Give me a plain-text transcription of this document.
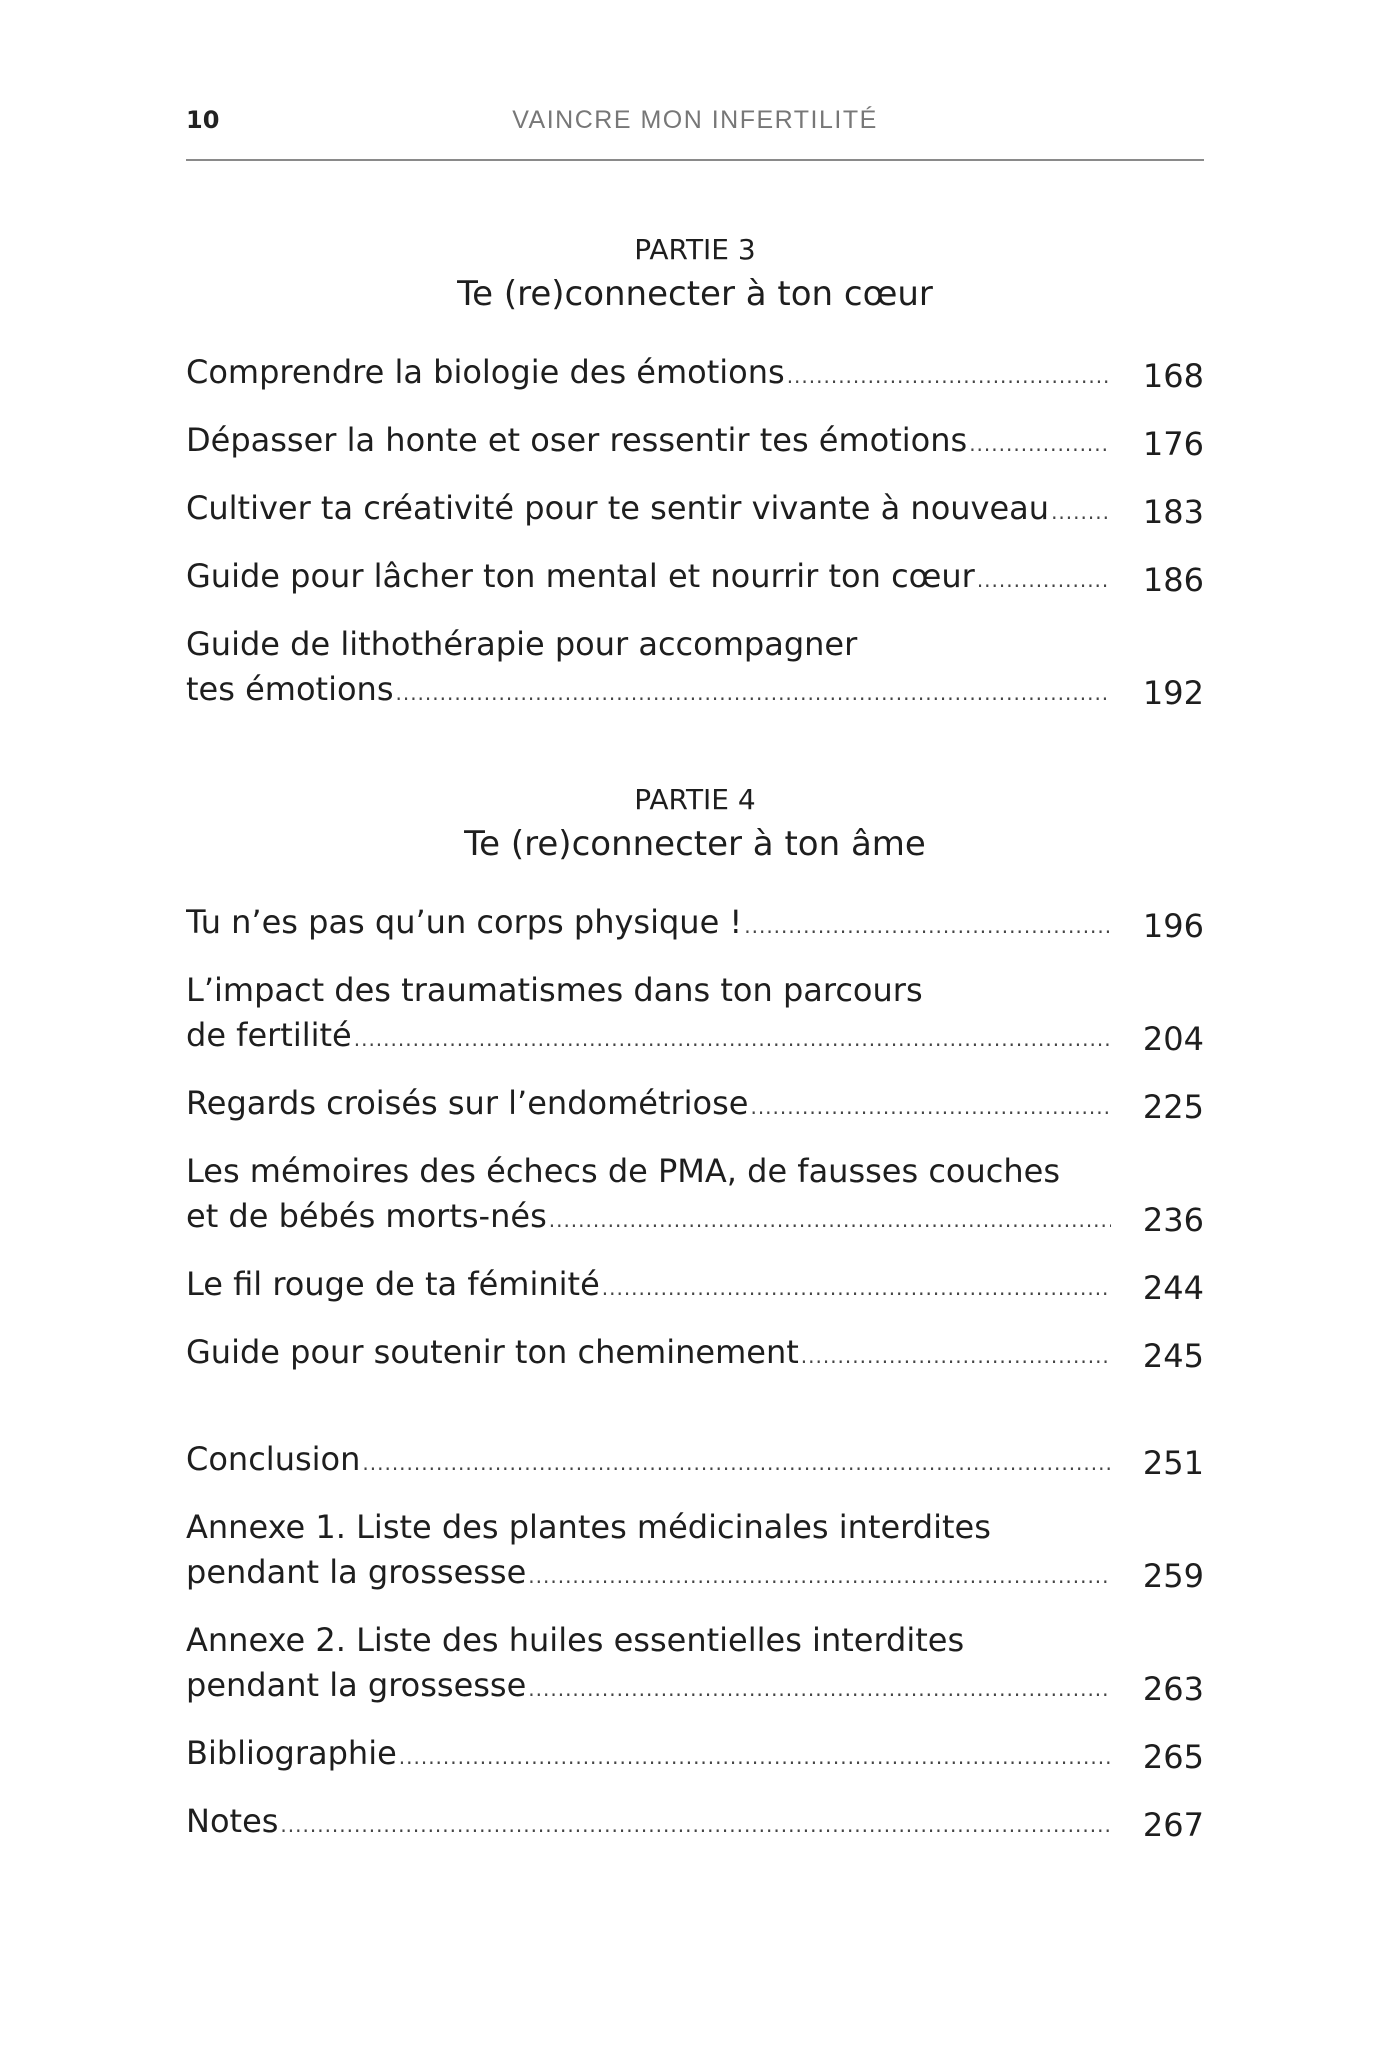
10	VAINCRE MON INFERTILITÉ

PARTIE 3

Te (re)connecter à ton cœur

Comprendre la biologie des émotions .....	168
Dépasser la honte et oser ressentir tes émotions .....	176
Cultiver ta créativité pour te sentir vivante à nouveau .....	183
Guide pour lâcher ton mental et nourrir ton cœur .....	186
Guide de lithothérapie pour accompagner
tes émotions .....	192

PARTIE 4

Te (re)connecter à ton âme

Tu n’es pas qu’un corps physique ! .....	196
L’impact des traumatismes dans ton parcours
de fertilité .....	204
Regards croisés sur l’endométriose .....	225
Les mémoires des échecs de PMA, de fausses couches
et de bébés morts-nés .....	236
Le fil rouge de ta féminité .....	244
Guide pour soutenir ton cheminement .....	245
Conclusion .....	251
Annexe 1. Liste des plantes médicinales interdites
pendant la grossesse .....	259
Annexe 2. Liste des huiles essentielles interdites
pendant la grossesse .....	263
Bibliographie .....	265
Notes .....	267
